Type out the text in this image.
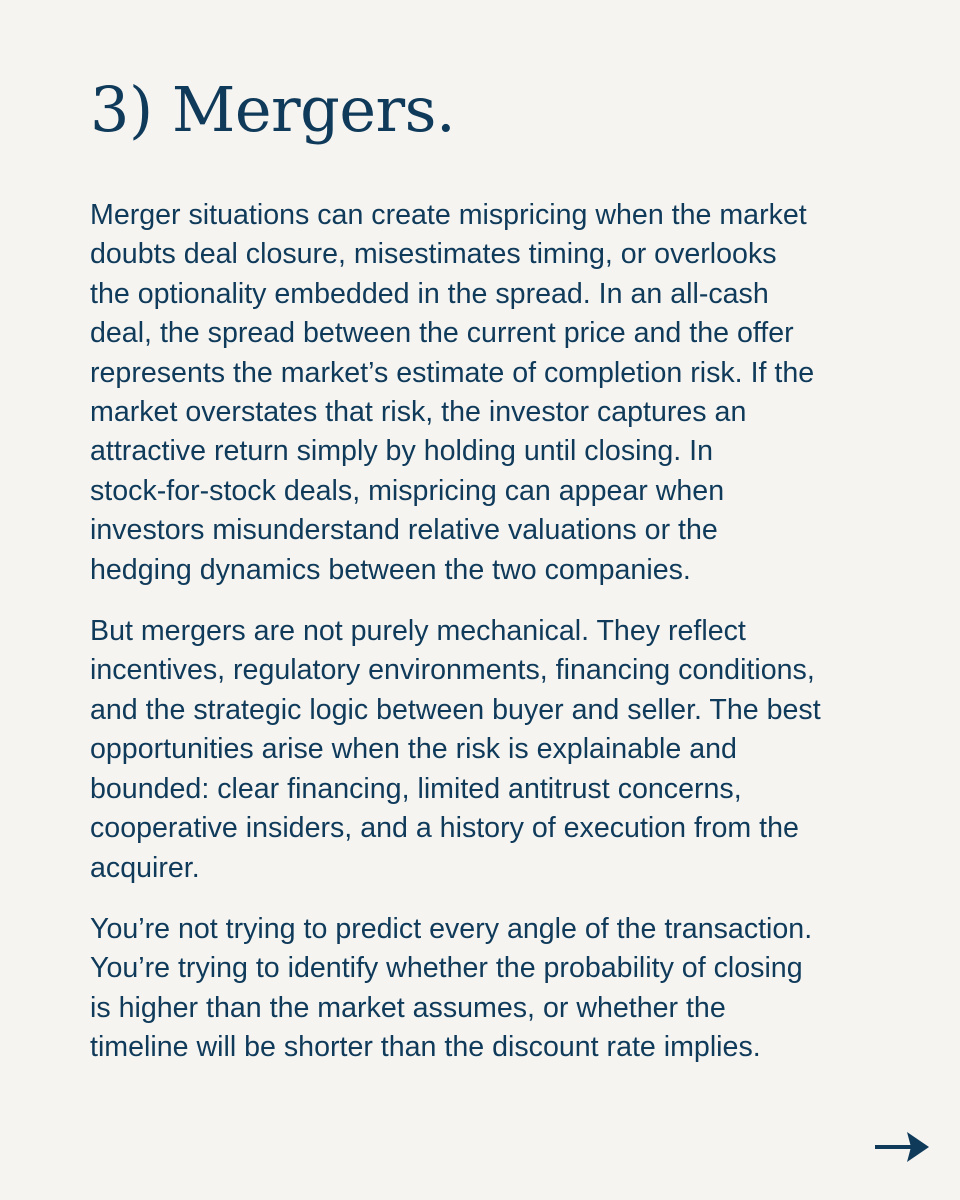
3) Mergers.

Merger situations can create mispricing when the market
doubts deal closure, misestimates timing, or overlooks
the optionality embedded in the spread. In an all-cash
deal, the spread between the current price and the offer
represents the market’s estimate of completion risk. If the
market overstates that risk, the investor captures an
attractive return simply by holding until closing. In
stock-for-stock deals, mispricing can appear when
investors misunderstand relative valuations or the
hedging dynamics between the two companies.

But mergers are not purely mechanical. They reflect
incentives, regulatory environments, financing conditions,
and the strategic logic between buyer and seller. The best
opportunities arise when the risk is explainable and
bounded: clear financing, limited antitrust concerns,
cooperative insiders, and a history of execution from the
acquirer.

You’re not trying to predict every angle of the transaction.
You’re trying to identify whether the probability of closing
is higher than the market assumes, or whether the
timeline will be shorter than the discount rate implies.
